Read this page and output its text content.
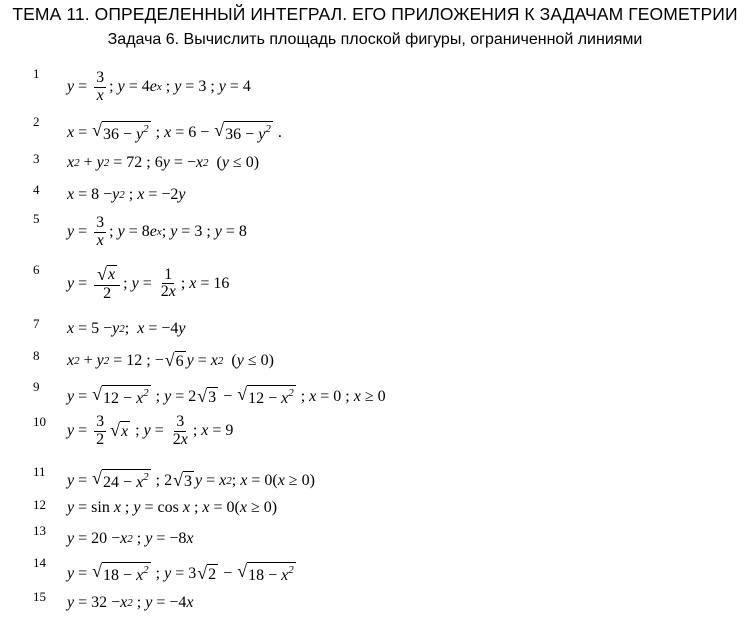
ТЕМА 11. ОПРЕДЕЛЕННЫЙ ИНТЕГРАЛ. ЕГО ПРИЛОЖЕНИЯ К ЗАДАЧАМ ГЕОМЕТРИИ
Задача 6. Вычислить площадь плоской фигуры, ограниченной линиями
1
$y = \frac{3}{x}$ ; y = 4 e x ; y = 3 ; y = 4
2
x = √ $36 - y^2$ ; x = 6 − √ $36 - y^2$ .
3 x 2 + y 2 = 72 ; 6 y = − x 2 ( y ≤ 0)
4 x = 8 − y 2 ; x = −2 y
5
$y = \frac{3}{x}$ ; y = 8 e x ; y = 3 ; y = 8
6
$y = \frac{√ x}{2}$ ; $y = \frac{1}{2x}$ ; x = 16
7 x = 5 − y 2 ; x = −4 y
8 x 2 + y 2 = 12 ; − √ 6 y = x 2 ( y ≤ 0)
9
y = √ $12 - x^2$ ; y = 2 √ 3 − √ $12 - x^2$ ; x = 0 ; x ≥ 0
10
$y = \frac{3}{2}$ √ x ; $y = \frac{3}{2x}$ ; x = 9
11 y = √ $24 - x^2$ ; 2 √ 3 y = x 2 ; x = 0( x ≥ 0)
12 y = sin
x ; y = cos
x ; x = 0( x ≥ 0)
13 y = 20 − x 2 ; y = −8 x
14
y = √ $18 - x^2$ ; y = 3 √ 2 − √ $18 - x^2$
15 y = 32 − x 2 ; y = −4 x
